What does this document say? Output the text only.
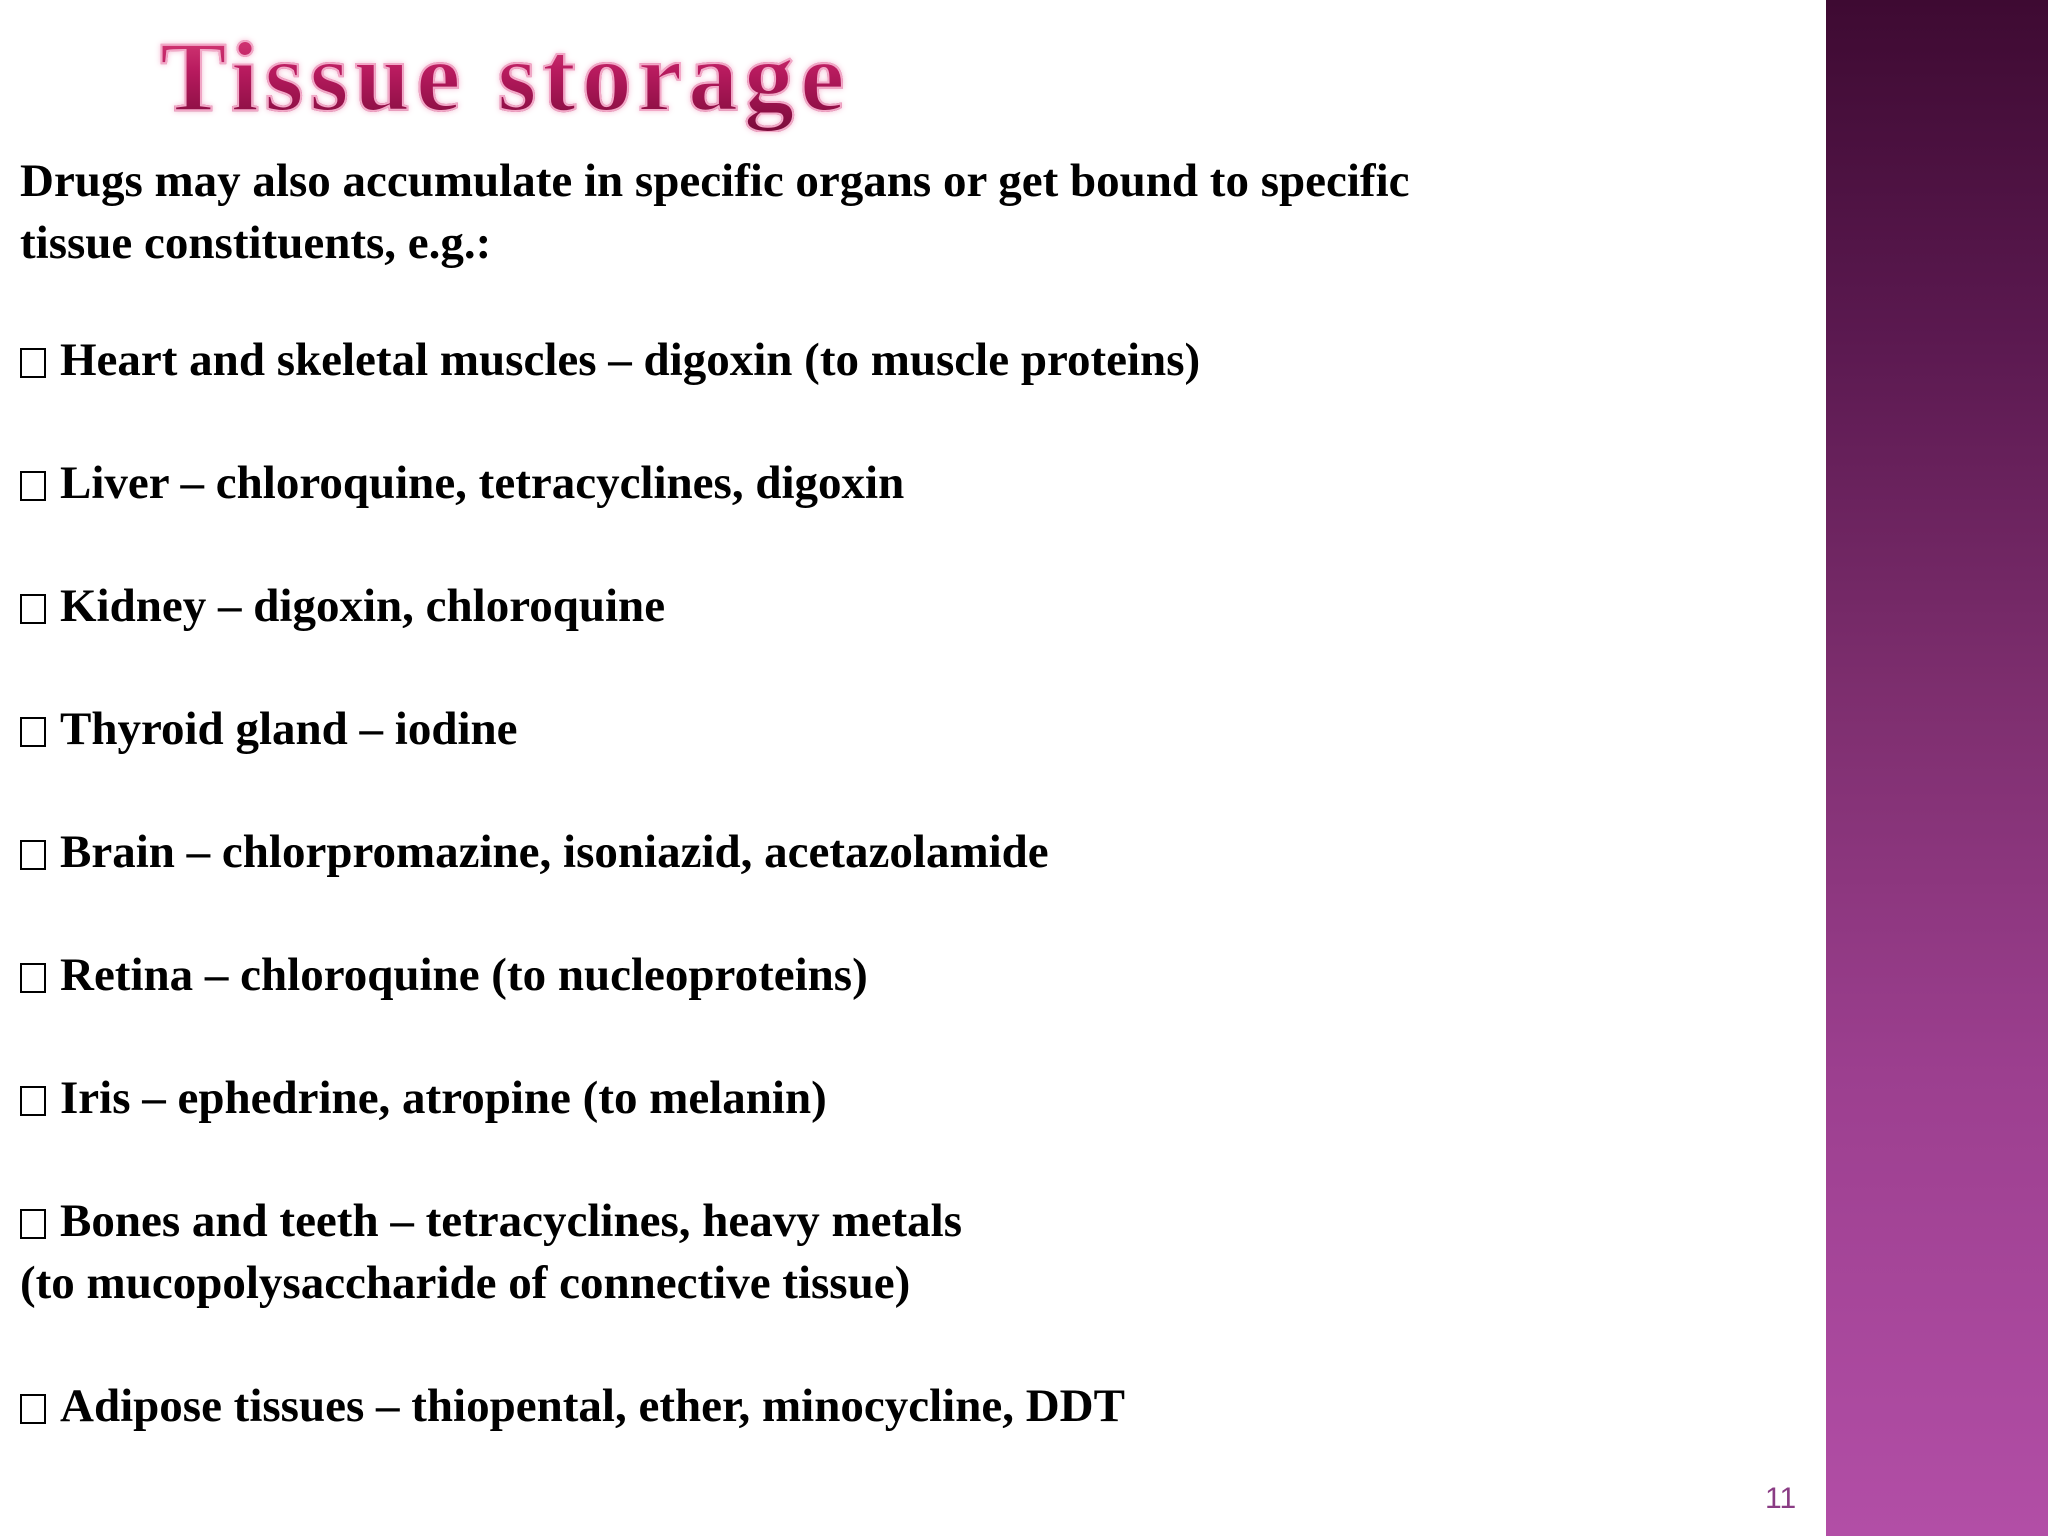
Tissue storage

Drugs may also accumulate in specific organs or get bound to specific tissue constituents, e.g.:

Heart and skeletal muscles – digoxin (to muscle proteins)
Liver – chloroquine, tetracyclines, digoxin
Kidney – digoxin, chloroquine
Thyroid gland – iodine
Brain – chlorpromazine, isoniazid, acetazolamide
Retina – chloroquine (to nucleoproteins)
Iris – ephedrine, atropine (to melanin)
Bones and teeth – tetracyclines, heavy metals
(to mucopolysaccharide of connective tissue)
Adipose tissues – thiopental, ether, minocycline, DDT
11
